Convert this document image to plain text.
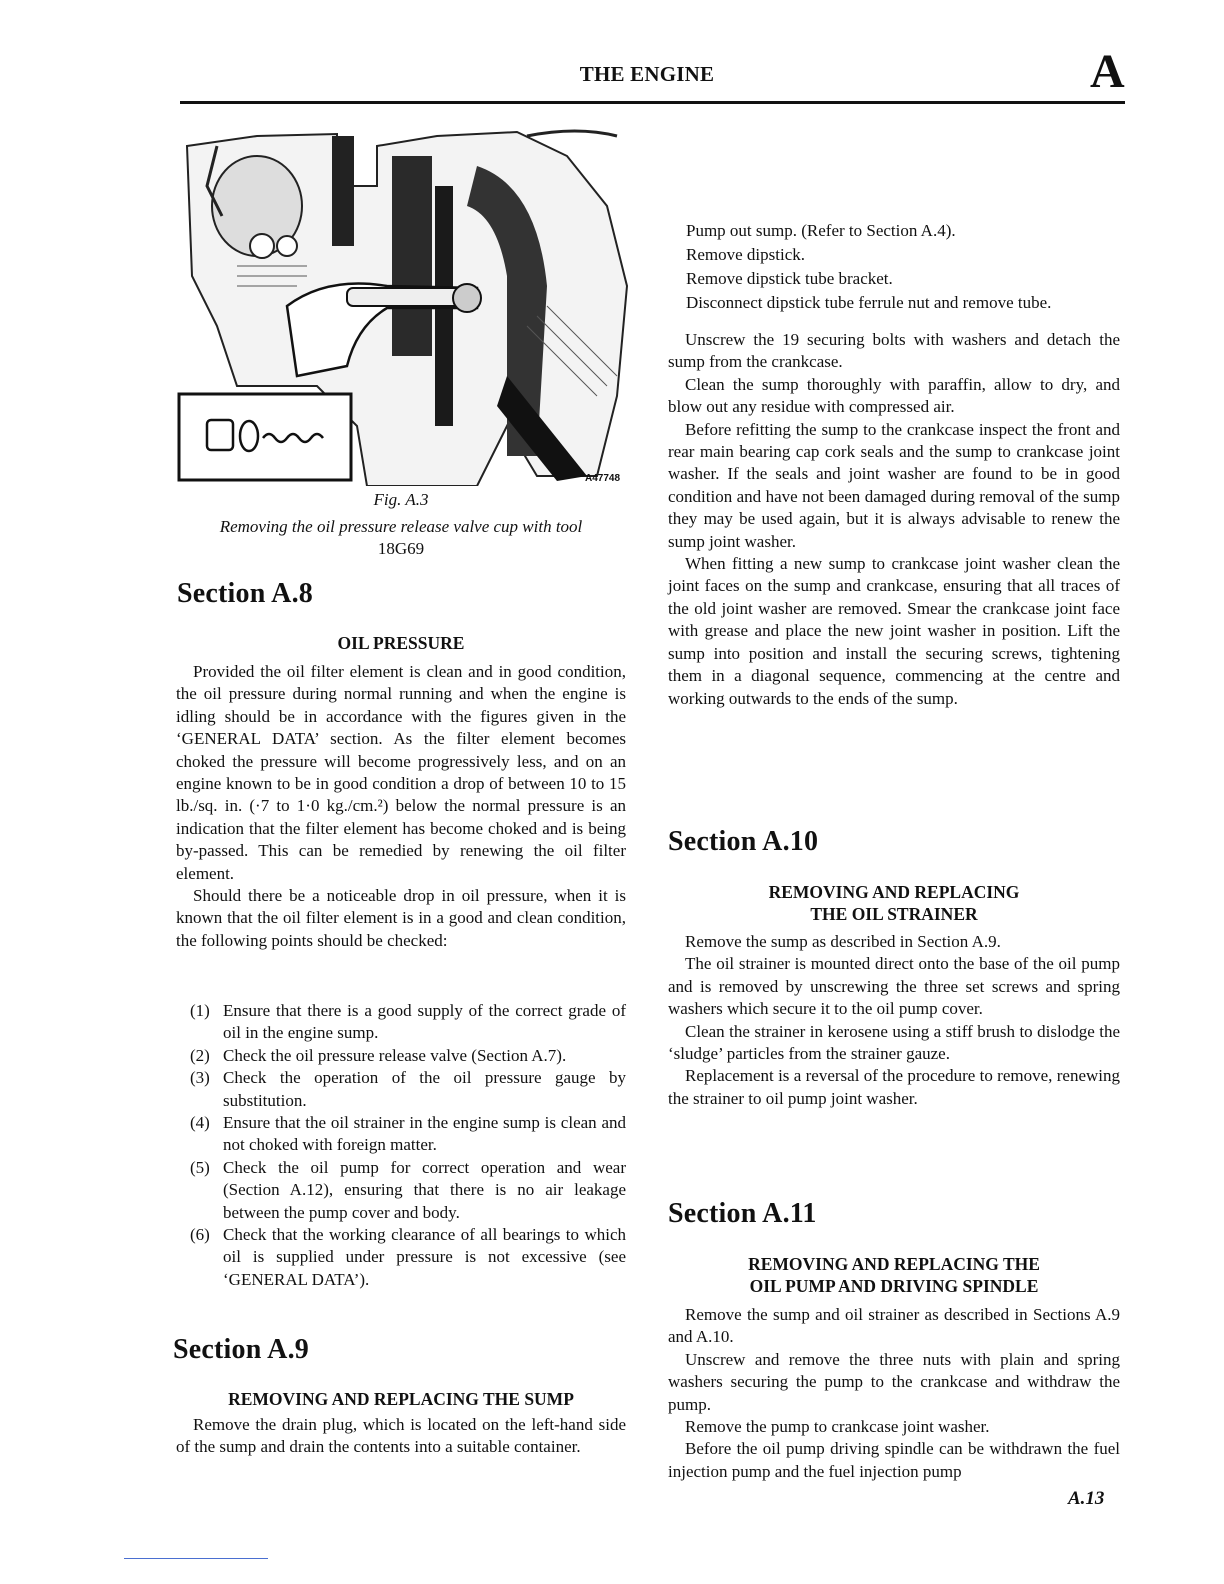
THE ENGINE	A
A47748
Fig. A.3
Removing the oil pressure release valve cup with tool
18G69
Section A.8
OIL PRESSURE

Provided the oil filter element is clean and in good condition, the oil pressure during normal running and when the engine is idling should be in accordance with the figures given in the ‘GENERAL DATA’ section. As the filter element becomes choked the pressure will become progressively less, and on an engine known to be in good condition a drop of between 10 to 15 lb./sq. in. (·7 to 1·0 kg./cm.²) below the normal pressure is an indication that the filter element has become choked and is being by-passed. This can be remedied by renewing the oil filter element.

Should there be a noticeable drop in oil pressure, when it is known that the oil filter element is in a good and clean condition, the following points should be checked:

(1) Ensure that there is a good supply of the correct grade of oil in the engine sump.
(2) Check the oil pressure release valve (Section A.7).
(3) Check the operation of the oil pressure gauge by substitution.
(4) Ensure that the oil strainer in the engine sump is clean and not choked with foreign matter.
(5) Check the oil pump for correct operation and wear (Section A.12), ensuring that there is no air leakage between the pump cover and body.
(6) Check that the working clearance of all bearings to which oil is supplied under pressure is not excessive (see ‘GENERAL DATA’).
Section A.9
REMOVING AND REPLACING THE SUMP

Remove the drain plug, which is located on the left-hand side of the sump and drain the contents into a suitable container.

Pump out sump. (Refer to Section A.4).
Remove dipstick.
Remove dipstick tube bracket.
Disconnect dipstick tube ferrule nut and remove tube.

Unscrew the 19 securing bolts with washers and detach the sump from the crankcase.

Clean the sump thoroughly with paraffin, allow to dry, and blow out any residue with compressed air.

Before refitting the sump to the crankcase inspect the front and rear main bearing cap cork seals and the sump to crankcase joint washer. If the seals and joint washer are found to be in good condition and have not been damaged during removal of the sump they may be used again, but it is always advisable to renew the sump joint washer.

When fitting a new sump to crankcase joint washer clean the joint faces on the sump and crankcase, ensuring that all traces of the old joint washer are removed. Smear the crankcase joint face with grease and place the new joint washer in position. Lift the sump into position and install the securing screws, tightening them in a diagonal sequence, commencing at the centre and working outwards to the ends of the sump.

Section A.10
REMOVING AND REPLACING
THE OIL STRAINER

Remove the sump as described in Section A.9.

The oil strainer is mounted direct onto the base of the oil pump and is removed by unscrewing the three set screws and spring washers which secure it to the oil pump cover.

Clean the strainer in kerosene using a stiff brush to dislodge the ‘sludge’ particles from the strainer gauze.

Replacement is a reversal of the procedure to remove, renewing the strainer to oil pump joint washer.

Section A.11
REMOVING AND REPLACING THE
OIL PUMP AND DRIVING SPINDLE

Remove the sump and oil strainer as described in Sections A.9 and A.10.

Unscrew and remove the three nuts with plain and spring washers securing the pump to the crankcase and withdraw the pump.

Remove the pump to crankcase joint washer.

Before the oil pump driving spindle can be withdrawn the fuel injection pump and the fuel injection pump

A.13
